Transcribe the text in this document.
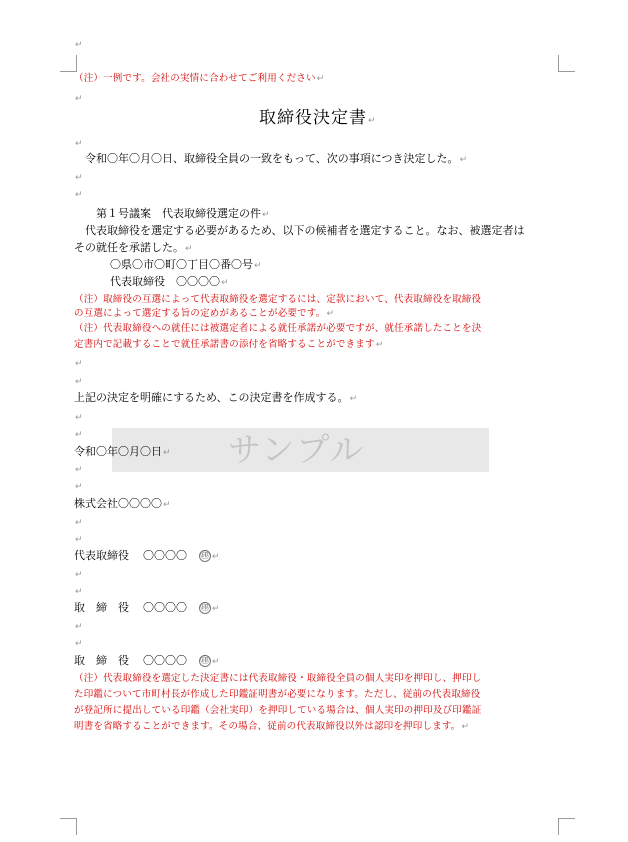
↵
（注）一例です。会社の実情に合わせてご利用ください↵
↵
取締役決定書↵
↵
令和〇年〇月〇日、取締役全員の一致をもって、次の事項につき決定した。↵
↵
↵
第１号議案　代表取締役選定の件↵
代表取締役を選定する必要があるため、以下の候補者を選定すること。なお、被選定者は
その就任を承諾した。↵
〇県〇市〇町〇丁目〇番〇号↵
代表取締役　〇〇〇〇↵
（注）取締役の互選によって代表取締役を選定するには、定款において、代表取締役を取締役
の互選によって選定する旨の定めがあることが必要です。↵
（注）代表取締役への就任には被選定者による就任承諾が必要ですが、就任承諾したことを決
定書内で記載することで就任承諾書の添付を省略することができます↵
↵
↵
上記の決定を明確にするため、この決定書を作成する。↵
↵
↵	サンプル
令和〇年〇月〇日↵
↵
↵
株式会社〇〇〇〇↵
↵
↵
代表取締役 〇〇〇〇 ㊞ ↵
↵
↵
取　締　役 〇〇〇〇 ㊞ ↵
↵
↵
取　締　役 〇〇〇〇 ㊞ ↵
（注）代表取締役を選定した決定書には代表取締役・取締役全員の個人実印を押印し、押印し
た印鑑について市町村長が作成した印鑑証明書が必要になります。ただし、従前の代表取締役
が登記所に提出している印鑑（会社実印）を押印している場合は、個人実印の押印及び印鑑証
明書を省略することができます。その場合、従前の代表取締役以外は認印を押印します。↵
